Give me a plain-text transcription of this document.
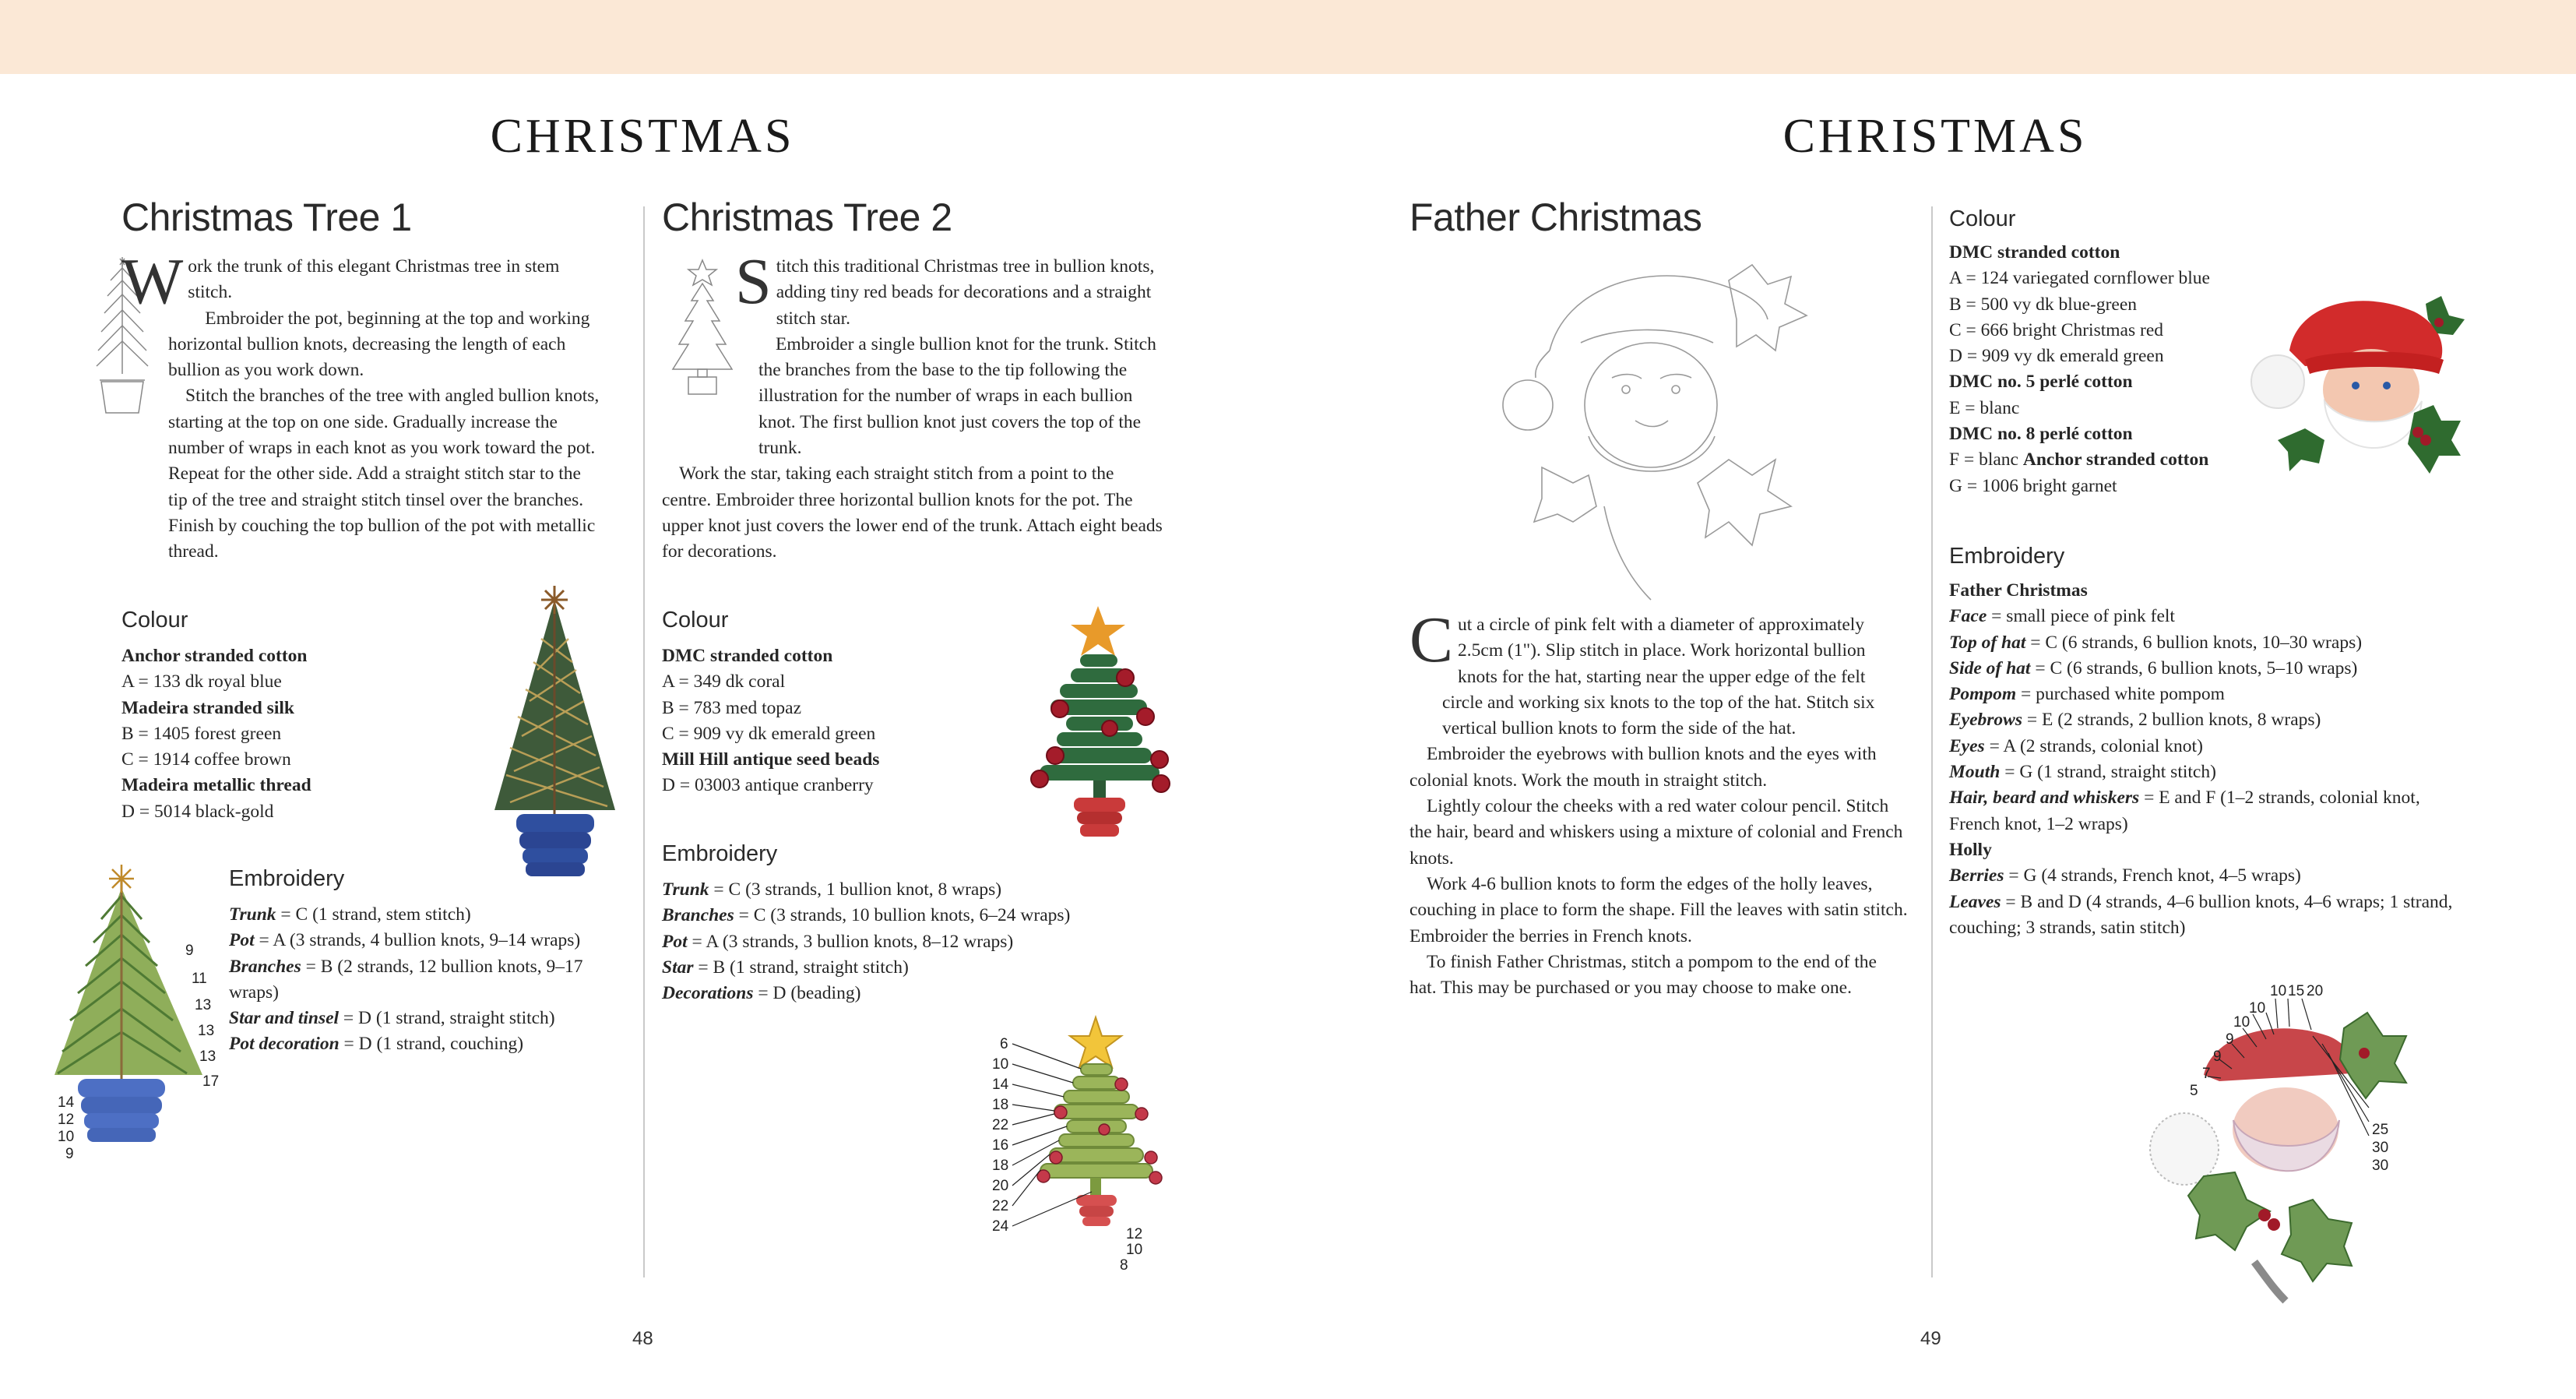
CHRISTMAS	CHRISTMAS
Christmas Tree 1

Work the trunk of this elegant Christmas tree in stem stitch.

Embroider the pot, beginning at the top and working horizontal bullion knots, decreasing the length of each bullion as you work down.

Stitch the branches of the tree with angled bullion knots, starting at the top on one side. Gradually increase the number of wraps in each knot as you work toward the pot. Repeat for the other side. Add a straight stitch star to the tip of the tree and straight stitch tinsel over the branches. Finish by couching the top bullion of the pot with metallic thread.

Colour
Anchor stranded cotton
A = 133 dk royal blue
Madeira stranded silk
B = 1405 forest green
C = 1914 coffee brown
Madeira metallic thread
D = 5014 black-gold
9
11
13
13
13
17
14
12
10
9
Embroidery
Trunk = C (1 strand, stem stitch)
Pot = A (3 strands, 4 bullion knots, 9–14 wraps)
Branches = B (2 strands, 12 bullion knots, 9–17 wraps)
Star and tinsel = D (1 strand, straight stitch)
Pot decoration = D (1 strand, couching)
48
Christmas Tree 2

Stitch this traditional Christmas tree in bullion knots, adding tiny red beads for decorations and a straight stitch star.

Embroider a single bullion knot for the trunk. Stitch the branches from the base to the tip following the illustration for the number of wraps in each bullion knot. The first bullion knot just covers the top of the trunk.

Work the star, taking each straight stitch from a point to the centre. Embroider three horizontal bullion knots for the pot. The upper knot just covers the lower end of the trunk. Attach eight beads for decorations.

Colour
DMC stranded cotton
A = 349 dk coral
B = 783 med topaz
C = 909 vy dk emerald green
Mill Hill antique seed beads
D = 03003 antique cranberry
Embroidery
Trunk = C (3 strands, 1 bullion knot, 8 wraps)
Branches = C (3 strands, 10 bullion knots, 6–24 wraps)
Pot = A (3 strands, 3 bullion knots, 8–12 wraps)
Star = B (1 strand, straight stitch)
Decorations = D (beading)
6
10
14
18
22
16
18
20
22
24	12
10
8
Father Christmas

Cut a circle of pink felt with a diameter of approximately 2.5cm (1"). Slip stitch in place. Work horizontal bullion knots for the hat, starting near the upper edge of the felt circle and working six knots to the top of the hat. Stitch six vertical bullion knots to form the side of the hat.

Embroider the eyebrows with bullion knots and the eyes with colonial knots. Work the mouth in straight stitch.

Lightly colour the cheeks with a red water colour pencil. Stitch the hair, beard and whiskers using a mixture of colonial and French knots.

Work 4-6 bullion knots to form the edges of the holly leaves, couching in place to form the shape. Fill the leaves with satin stitch. Embroider the berries in French knots.

To finish Father Christmas, stitch a pompom to the end of the hat. This may be purchased or you may choose to make one.

49
Colour
DMC stranded cotton
A = 124 variegated cornflower blue
B = 500 vy dk blue-green
C = 666 bright Christmas red
D = 909 vy dk emerald green
DMC no. 5 perlé cotton
E = blanc
DMC no. 8 perlé cotton
F = blanc Anchor stranded cotton
G = 1006 bright garnet
Embroidery
Father Christmas
Face = small piece of pink felt
Top of hat = C (6 strands, 6 bullion knots, 10–30 wraps)
Side of hat = C (6 strands, 6 bullion knots, 5–10 wraps)
Pompom = purchased white pompom
Eyebrows = E (2 strands, 2 bullion knots, 8 wraps)
Eyes = A (2 strands, colonial knot)
Mouth = G (1 strand, straight stitch)
Hair, beard and whiskers = E and F (1–2 strands, colonial knot, French knot, 1–2 wraps)
Holly
Berries = G (4 strands, French knot, 4–5 wraps)
Leaves = B and D (4 strands, 4–6 bullion knots, 4–6 wraps; 1 strand, couching; 3 strands, satin stitch)
10 15 20
10
10
9
9
7
5
25
30
30
